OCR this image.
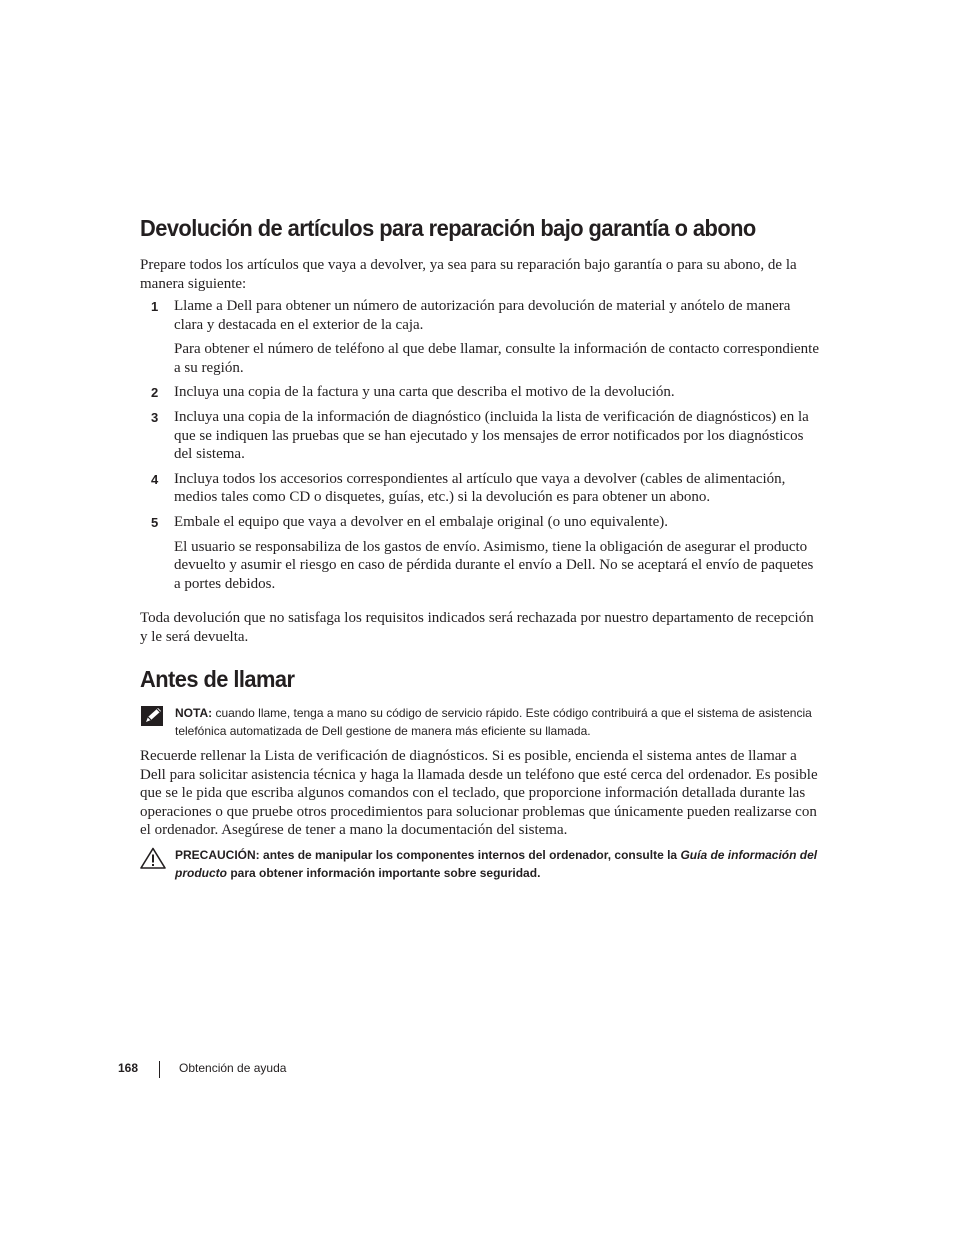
Devolución de artículos para reparación bajo garantía o abono

Prepare todos los artículos que vaya a devolver, ya sea para su reparación bajo garantía o para su abono, de la manera siguiente:

1 Llame a Dell para obtener un número de autorización para devolución de material y anótelo de manera clara y destacada en el exterior de la caja.
Para obtener el número de teléfono al que debe llamar, consulte la información de contacto correspondiente a su región.
2 Incluya una copia de la factura y una carta que describa el motivo de la devolución.
3 Incluya una copia de la información de diagnóstico (incluida la lista de verificación de diagnósticos) en la que se indiquen las pruebas que se han ejecutado y los mensajes de error notificados por los diagnósticos del sistema.
4 Incluya todos los accesorios correspondientes al artículo que vaya a devolver (cables de alimentación, medios tales como CD o disquetes, guías, etc.) si la devolución es para obtener un abono.
5 Embale el equipo que vaya a devolver en el embalaje original (o uno equivalente).
El usuario se responsabiliza de los gastos de envío. Asimismo, tiene la obligación de asegurar el producto devuelto y asumir el riesgo en caso de pérdida durante el envío a Dell. No se aceptará el envío de paquetes a portes debidos.

Toda devolución que no satisfaga los requisitos indicados será rechazada por nuestro departamento de recepción y le será devuelta.

Antes de llamar
NOTA: cuando llame, tenga a mano su código de servicio rápido. Este código contribuirá a que el sistema de asistencia telefónica automatizada de Dell gestione de manera más eficiente su llamada.

Recuerde rellenar la Lista de verificación de diagnósticos. Si es posible, encienda el sistema antes de llamar a Dell para solicitar asistencia técnica y haga la llamada desde un teléfono que esté cerca del ordenador. Es posible que se le pida que escriba algunos comandos con el teclado, que proporcione información detallada durante las operaciones o que pruebe otros procedimientos para solucionar problemas que únicamente pueden realizarse con el ordenador. Asegúrese de tener a mano la documentación del sistema.

PRECAUCIÓN: antes de manipular los componentes internos del ordenador, consulte la Guía de información del producto para obtener información importante sobre seguridad.
168	Obtención de ayuda
